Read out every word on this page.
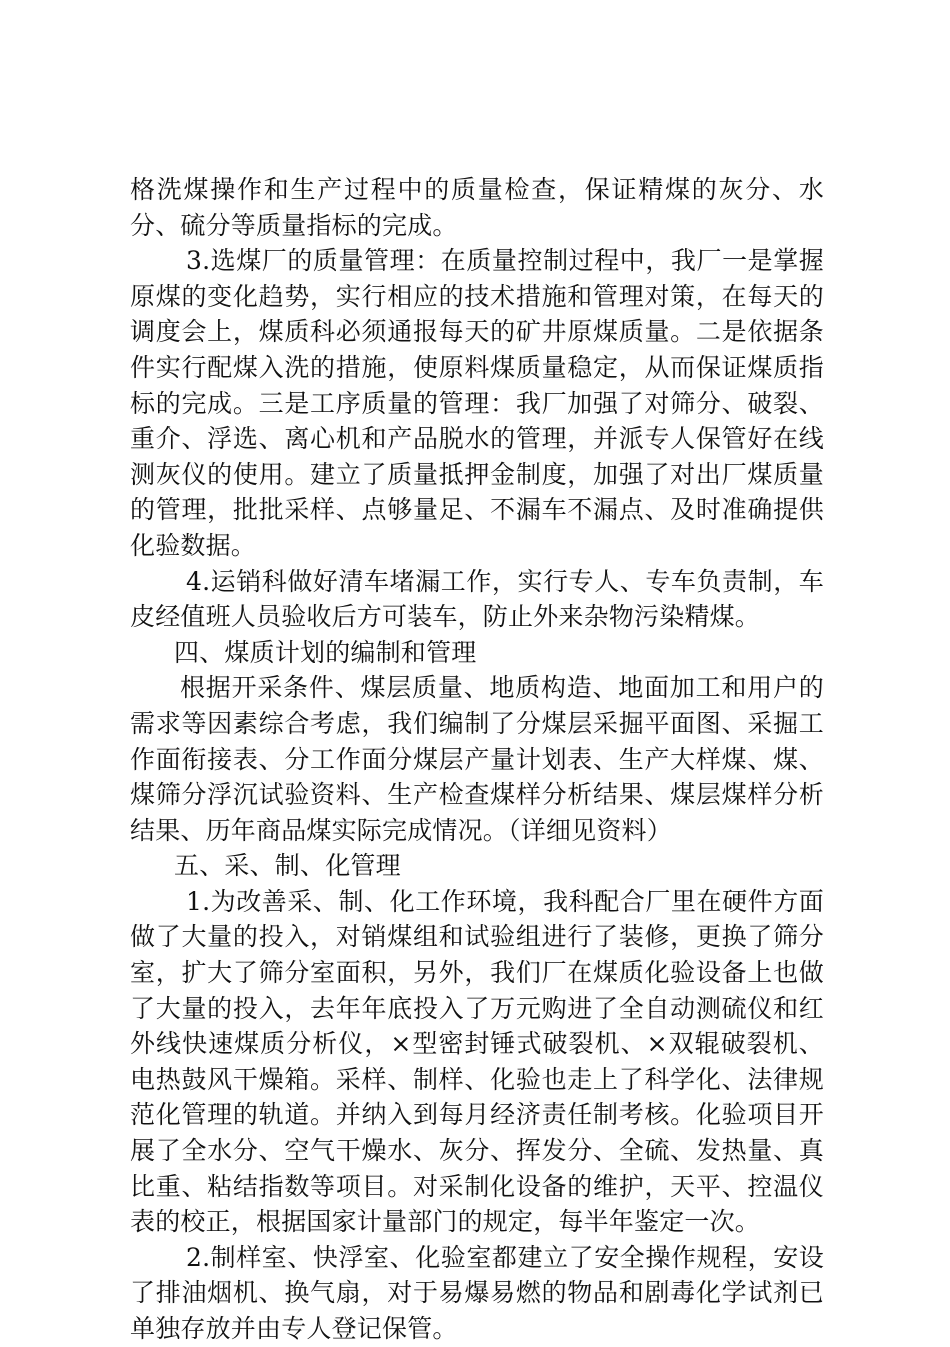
格洗煤操作和生产过程中的质量检查，保证精煤的灰分、水分、硫分等质量指标的完成。

3.选煤厂的质量管理：在质量控制过程中，我厂一是掌握原煤的变化趋势，实行相应的技术措施和管理对策，在每天的调度会上，煤质科必须通报每天的矿井原煤质量。二是依据条件实行配煤入洗的措施，使原料煤质量稳定，从而保证煤质指标的完成。三是工序质量的管理：我厂加强了对筛分、破裂、重介、浮选、离心机和产品脱水的管理，并派专人保管好在线测灰仪的使用。建立了质量抵押金制度，加强了对出厂煤质量的管理，批批采样、点够量足、不漏车不漏点、及时准确提供化验数据。

4.运销科做好清车堵漏工作，实行专人、专车负责制，车皮经值班人员验收后方可装车，防止外来杂物污染精煤。

四、煤质计划的编制和管理

根据开采条件、煤层质量、地质构造、地面加工和用户的需求等因素综合考虑，我们编制了分煤层采掘平面图、采掘工作面衔接表、分工作面分煤层产量计划表、生产大样煤、煤、煤筛分浮沉试验资料、生产检查煤样分析结果、煤层煤样分析结果、历年商品煤实际完成情况。（详细见资料）

五、采、制、化管理

1.为改善采、制、化工作环境，我科配合厂里在硬件方面做了大量的投入，对销煤组和试验组进行了装修，更换了筛分室，扩大了筛分室面积，另外，我们厂在煤质化验设备上也做了大量的投入，去年年底投入了万元购进了全自动测硫仪和红外线快速煤质分析仪，×型密封锤式破裂机、×双辊破裂机、电热鼓风干燥箱。采样、制样、化验也走上了科学化、法律规范化管理的轨道。并纳入到每月经济责任制考核。化验项目开展了全水分、空气干燥水、灰分、挥发分、全硫、发热量、真比重、粘结指数等项目。对采制化设备的维护，天平、控温仪表的校正，根据国家计量部门的规定，每半年鉴定一次。

2.制样室、快浮室、化验室都建立了安全操作规程，安设了排油烟机、换气扇，对于易爆易燃的物品和剧毒化学试剂已单独存放并由专人登记保管。
